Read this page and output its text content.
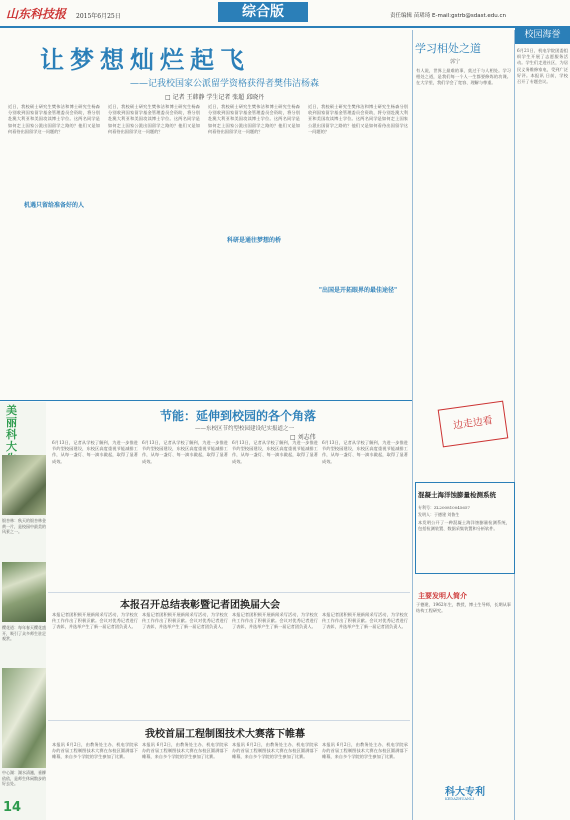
山东科技报 2015年6月25日	综合版	责任编辑 苗珺琦 E-mail:gstrb@sdast.edu.cn
让梦想灿烂起飞
——记我校国家公派留学资格获得者樊伟洁杨森
□ 记者 王韩静 学生记者 张超 邱晓丹
近日，我校硕士研究生樊伟洁和博士研究生杨森分别收到国家留学基金管理委员会资助，将分别赴澳大利亚和美国攻读博士学位。这两名同学是如何走上国家公派出国留学之路的？他们又是如何看待出国留学这一问题的？
机遇只留给准备好的人
近日，我校硕士研究生樊伟洁和博士研究生杨森分别收到国家留学基金管理委员会资助，将分别赴澳大利亚和美国攻读博士学位。这两名同学是如何走上国家公派出国留学之路的？他们又是如何看待出国留学这一问题的？
近日，我校硕士研究生樊伟洁和博士研究生杨森分别收到国家留学基金管理委员会资助，将分别赴澳大利亚和美国攻读博士学位。这两名同学是如何走上国家公派出国留学之路的？他们又是如何看待出国留学这一问题的？
科研是通往梦想的桥
近日，我校硕士研究生樊伟洁和博士研究生杨森分别收到国家留学基金管理委员会资助，将分别赴澳大利亚和美国攻读博士学位。这两名同学是如何走上国家公派出国留学之路的？他们又是如何看待出国留学这一问题的？
"出国是开拓眼界的最佳途径"
美丽科大
银杏林：秋天的银杏林金黄一片，是校园中最美的风景之一。
樱花道：每年春天樱花盛开，吸引了众多师生驻足观赏。
中心湖：湖水清澈，垂柳依依，是师生休闲散步的好去处。
14
节能：延伸到校园的各个角落
——东校区节约型校园建设纪实报道之一
□ 刘志伟
6月13日，记者从学校了解到，为进一步推进节约型校园建设，东校区高度重视节能减排工作，从每一盏灯、每一滴水做起，取得了显著成效。
6月13日，记者从学校了解到，为进一步推进节约型校园建设，东校区高度重视节能减排工作，从每一盏灯、每一滴水做起，取得了显著成效。
6月13日，记者从学校了解到，为进一步推进节约型校园建设，东校区高度重视节能减排工作，从每一盏灯、每一滴水做起，取得了显著成效。
6月13日，记者从学校了解到，为进一步推进节约型校园建设，东校区高度重视节能减排工作，从每一盏灯、每一滴水做起，取得了显著成效。
本报召开总结表彰暨记者团换届大会
本报记者团积极开展新闻采写活动，为学校宣传工作作出了积极贡献。会议对优秀记者进行了表彰，并选举产生了新一届记者团负责人。
本报记者团积极开展新闻采写活动，为学校宣传工作作出了积极贡献。会议对优秀记者进行了表彰，并选举产生了新一届记者团负责人。
本报记者团积极开展新闻采写活动，为学校宣传工作作出了积极贡献。会议对优秀记者进行了表彰，并选举产生了新一届记者团负责人。
本报记者团积极开展新闻采写活动，为学校宣传工作作出了积极贡献。会议对优秀记者进行了表彰，并选举产生了新一届记者团负责人。
我校首届工程制图技术大赛落下帷幕
本报讯 6月2日，由教务处主办、机电学院承办的首届工程制图技术大赛在东校区圆满落下帷幕，来自多个学院的学生参加了比赛。
本报讯 6月2日，由教务处主办、机电学院承办的首届工程制图技术大赛在东校区圆满落下帷幕，来自多个学院的学生参加了比赛。
本报讯 6月2日，由教务处主办、机电学院承办的首届工程制图技术大赛在东校区圆满落下帷幕，来自多个学院的学生参加了比赛。
本报讯 6月2日，由教务处主办、机电学院承办的首届工程制图技术大赛在东校区圆满落下帷幕，来自多个学院的学生参加了比赛。
校园海誉
学习相处之道
郭宁
有人说，世界上最难的事，莫过于与人相处。学习相处之道，是我们每一个人一生都要修炼的功课。在大学里，我们学会了宽容、理解与尊重。
边走边看
混凝土海洋蚀膨量检测系统
专利号：ZL200810045657
发明人：于德建 刘鲁生
本发明公开了一种混凝土海洋蚀膨量检测系统，包括检测装置、数据采集装置和分析软件。
主要发明人简介
于德建，1962年生，教授，博士生导师，长期从事结构工程研究。
科大专利
KEDAZHUANLI
6月21日，机电学院团委组织学生开展了志愿服务活动。学生们走进社区，为居民义务维修家电，受到广泛好评。本报讯 日前，学校召开了专题会议。
